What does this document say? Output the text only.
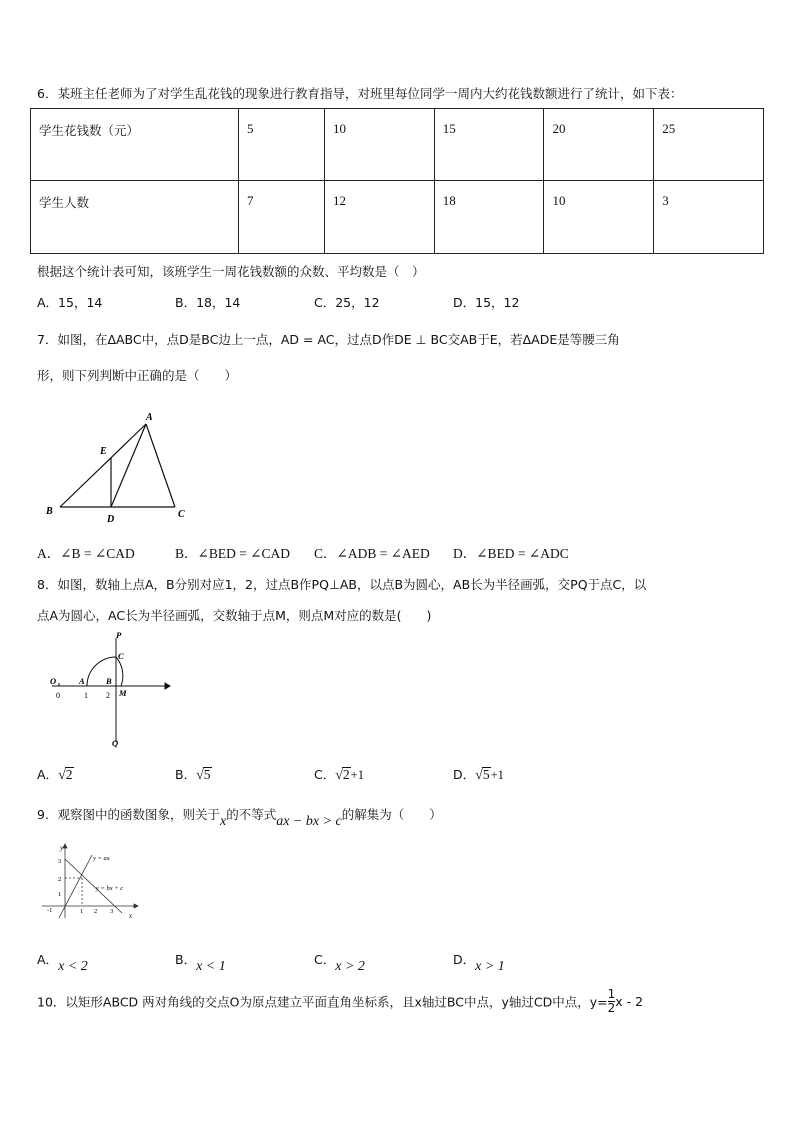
6．某班主任老师为了对学生乱花钱的现象进行教育指导，对班里每位同学一周内大约花钱数额进行了统计，如下表：
学生花钱数（元）	5	10	15	20	25
学生人数	7	12	18	10	3
根据这个统计表可知，该班学生一周花钱数额的众数、平均数是（　）
A．15，14	B．18，14	C．25，12	D．15，12
7．如图，在ΔABC中，点D是BC边上一点，AD = AC，过点D作DE ⊥ BC交AB于E，若ΔADE是等腰三角
形，则下列判断中正确的是（　　）
A
E
B
D	C
A．∠B = ∠CAD	B．∠BED = ∠CAD C．∠ADB = ∠AED D．∠BED = ∠ADC
8．如图，数轴上点A，B分别对应1，2，过点B作PQ⊥AB，以点B为圆心，AB长为半径画弧，交PQ于点C，以
点A为圆心，AC长为半径画弧，交数轴于点M，则点M对应的数是(　　)
P
C
O	A	B
M
0	1 2
Q
A．√2	B．√5	C．√2+1	D．√5+1
9．观察图中的函数图象，则关于x的不等式ax − bx > c的解集为（　　）
y
x
y = ax
y = bx + c
3
2
1
-1	1 2 3
A．x < 2	B．x < 1	C．x > 2	D．x > 1
10．以矩形ABCD 两对角线的交点O为原点建立平面直角坐标系，且x轴过BC中点，y轴过CD中点，$y= \frac{1}{2}$ x - 2
